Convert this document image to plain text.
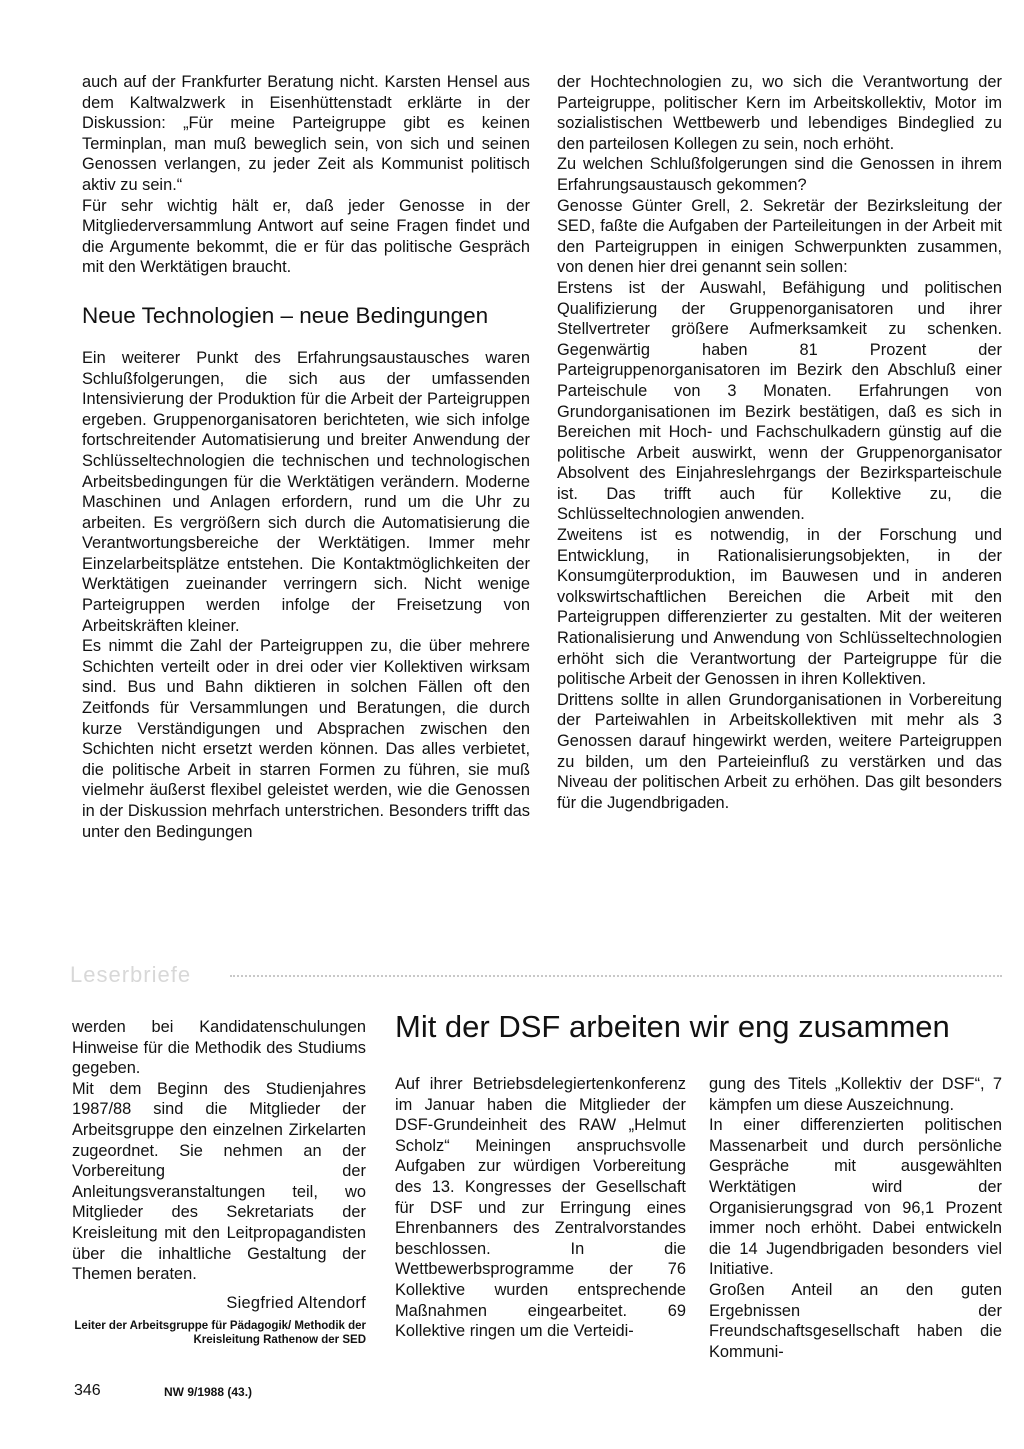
auch auf der Frankfurter Beratung nicht. Karsten Hensel aus dem Kaltwalzwerk in Eisenhüttenstadt erklärte in der Diskussion: „Für meine Parteigruppe gibt es keinen Terminplan, man muß beweglich sein, von sich und seinen Genossen verlangen, zu jeder Zeit als Kommunist politisch aktiv zu sein.“

Für sehr wichtig hält er, daß jeder Genosse in der Mitgliederversammlung Antwort auf seine Fragen findet und die Argumente bekommt, die er für das politische Gespräch mit den Werktätigen braucht.

Neue Technologien – neue Bedingungen

Ein weiterer Punkt des Erfahrungsaustausches waren Schlußfolgerungen, die sich aus der umfassenden Intensivierung der Produktion für die Arbeit der Parteigruppen ergeben. Gruppenorganisatoren berichteten, wie sich infolge fortschreitender Automatisierung und breiter Anwendung der Schlüsseltechnologien die technischen und technologischen Arbeitsbedingungen für die Werktätigen verändern. Moderne Maschinen und Anlagen erfordern, rund um die Uhr zu arbeiten. Es vergrößern sich durch die Automatisierung die Verantwortungsbereiche der Werktätigen. Immer mehr Einzelarbeitsplätze entstehen. Die Kontaktmöglichkeiten der Werktätigen zueinander verringern sich. Nicht wenige Parteigruppen werden infolge der Freisetzung von Arbeitskräften kleiner.

Es nimmt die Zahl der Parteigruppen zu, die über mehrere Schichten verteilt oder in drei oder vier Kollektiven wirksam sind. Bus und Bahn diktieren in solchen Fällen oft den Zeitfonds für Versammlungen und Beratungen, die durch kurze Verständigungen und Absprachen zwischen den Schichten nicht ersetzt werden können. Das alles verbietet, die politische Arbeit in starren Formen zu führen, sie muß vielmehr äußerst flexibel geleistet werden, wie die Genossen in der Diskussion mehrfach unterstrichen. Besonders trifft das unter den Bedingungen

der Hochtechnologien zu, wo sich die Verantwortung der Parteigruppe, politischer Kern im Arbeitskollektiv, Motor im sozialistischen Wettbewerb und lebendiges Bindeglied zu den parteilosen Kollegen zu sein, noch erhöht.

Zu welchen Schlußfolgerungen sind die Genossen in ihrem Erfahrungsaustausch gekommen?

Genosse Günter Grell, 2. Sekretär der Bezirksleitung der SED, faßte die Aufgaben der Parteileitungen in der Arbeit mit den Parteigruppen in einigen Schwerpunkten zusammen, von denen hier drei genannt sein sollen:

Erstens ist der Auswahl, Befähigung und politischen Qualifizierung der Gruppenorganisatoren und ihrer Stellvertreter größere Aufmerksamkeit zu schenken. Gegenwärtig haben 81 Prozent der Parteigruppenorganisatoren im Bezirk den Abschluß einer Parteischule von 3 Monaten. Erfahrungen von Grundorganisationen im Bezirk bestätigen, daß es sich in Bereichen mit Hoch- und Fachschulkadern günstig auf die politische Arbeit auswirkt, wenn der Gruppenorganisator Absolvent des Einjahreslehrgangs der Bezirksparteischule ist. Das trifft auch für Kollektive zu, die Schlüsseltechnologien anwenden.

Zweitens ist es notwendig, in der Forschung und Entwicklung, in Rationalisierungsobjekten, in der Konsumgüterproduktion, im Bauwesen und in anderen volkswirtschaftlichen Bereichen die Arbeit mit den Parteigruppen differenzierter zu gestalten. Mit der weiteren Rationalisierung und Anwendung von Schlüsseltechnologien erhöht sich die Verantwortung der Parteigruppe für die politische Arbeit der Genossen in ihren Kollektiven.

Drittens sollte in allen Grundorganisationen in Vorbereitung der Parteiwahlen in Arbeitskollektiven mit mehr als 3 Genossen darauf hingewirkt werden, weitere Parteigruppen zu bilden, um den Parteieinfluß zu verstärken und das Niveau der politischen Arbeit zu erhöhen. Das gilt besonders für die Jugendbrigaden.

Leserbriefe

werden bei Kandidatenschulungen Hinweise für die Methodik des Studiums gegeben.

Mit dem Beginn des Studienjahres 1987/88 sind die Mitglieder der Arbeitsgruppe den einzelnen Zirkelarten zugeordnet. Sie nehmen an der Vorbereitung der Anleitungsveranstaltungen teil, wo Mitglieder des Sekretariats der Kreisleitung mit den Leitpropagandisten über die inhaltliche Gestaltung der Themen beraten.

Siegfried Altendorf

Leiter der Arbeitsgruppe für Pädagogik/ Methodik der Kreisleitung Rathenow der SED

Mit der DSF arbeiten wir eng zusammen

Auf ihrer Betriebsdelegiertenkonferenz im Januar haben die Mitglieder der DSF-Grundeinheit des RAW „Helmut Scholz“ Meiningen anspruchsvolle Aufgaben zur würdigen Vorbereitung des 13. Kongresses der Gesellschaft für DSF und zur Erringung eines Ehrenbanners des Zentralvorstandes beschlossen. In die Wettbewerbsprogramme der 76 Kollektive wurden entsprechende Maßnahmen eingearbeitet. 69 Kollektive ringen um die Verteidi-

gung des Titels „Kollektiv der DSF“, 7 kämpfen um diese Auszeichnung.

In einer differenzierten politischen Massenarbeit und durch persönliche Gespräche mit ausgewählten Werktätigen wird der Organisierungsgrad von 96,1 Prozent immer noch erhöht. Dabei entwickeln die 14 Jugendbrigaden besonders viel Initiative.

Großen Anteil an den guten Ergebnissen der Freundschaftsgesellschaft haben die Kommuni-

346	NW 9/1988 (43.)
